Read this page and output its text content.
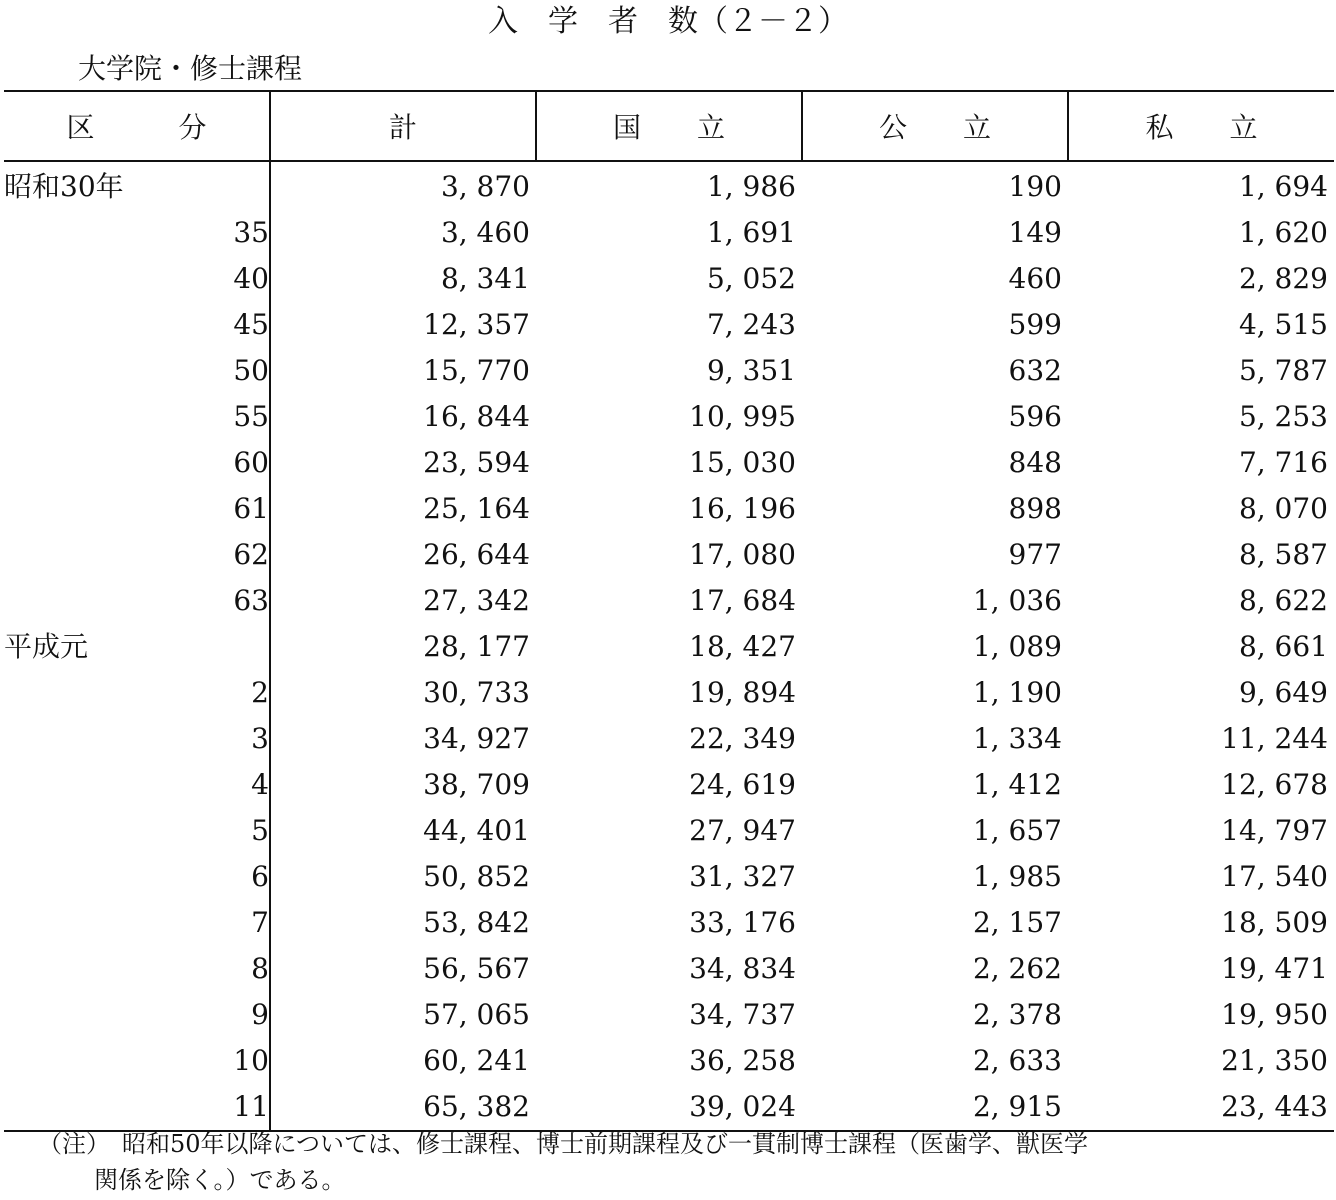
入　学　者　数（２－２）
大学院・修士課程
区　　　分	計	国　　立	公　　立	私　　立
昭和30年	3, 870	1, 986	190	1, 694
35	3, 460	1, 691	149	1, 620
40	8, 341	5, 052	460	2, 829
45	12, 357	7, 243	599	4, 515
50	15, 770	9, 351	632	5, 787
55	16, 844	10, 995	596	5, 253
60	23, 594	15, 030	848	7, 716
61	25, 164	16, 196	898	8, 070
62	26, 644	17, 080	977	8, 587
63	27, 342	17, 684	1, 036	8, 622
平成元	28, 177	18, 427	1, 089	8, 661
2	30, 733	19, 894	1, 190	9, 649
3	34, 927	22, 349	1, 334	11, 244
4	38, 709	24, 619	1, 412	12, 678
5	44, 401	27, 947	1, 657	14, 797
6	50, 852	31, 327	1, 985	17, 540
7	53, 842	33, 176	2, 157	18, 509
8	56, 567	34, 834	2, 262	19, 471
9	57, 065	34, 737	2, 378	19, 950
10	60, 241	36, 258	2, 633	21, 350
11	65, 382	39, 024	2, 915	23, 443
（注） 昭和50年以降については、修士課程、博士前期課程及び一貫制博士課程（医歯学、獣医学
関係を除く。）である。
